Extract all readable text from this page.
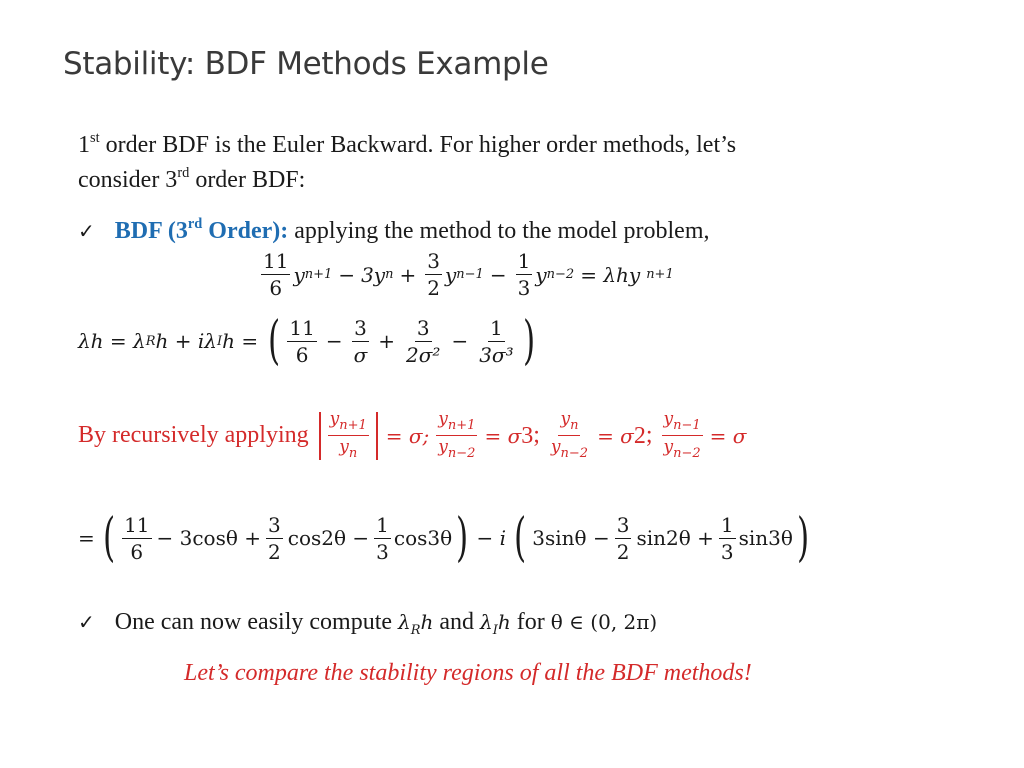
Stability: BDF Methods Example
1st order BDF is the Euler Backward. For higher order methods, let’s
consider 3rd order BDF:
✓ BDF (3rd Order): applying the method to the model problem,
$\frac{11}{6}$ y n+1 − 3y $n + \frac{3}{2}$ y $n-1 - \frac{1}{3}$ y n−2 = λhy n+1
λh = λ R h + iλ I h = ( $\frac{11}{6} - \frac{3}{\sigma} + \frac{3}{\text{2σ²}} - \frac{1}{\text{3σ³}}$ )
By recursively applying $\frac{y_{n+1}}{y_n} = \sigma$; $\frac{y_{n+1}}{y_{n-2}} = \sigma$ 3 ; $\frac{y_n}{y_{n-2}} = \sigma$ 2 ; $\frac{y_{n-1}}{y_{n-2}} = \sigma$
= ( $\frac{11}{6} - 3\cos\theta + \frac{3}{2} \cos 2\theta - \frac{1}{3} \cos 3\theta$ ) − i ( $3\sin\theta - \frac{3}{2} \sin 2\theta + \frac{1}{3} \sin 3\theta$ )
✓ One can now easily compute $\lambda_Rh$ and $\lambda_Ih$ for θ ∈ (0, 2π)
Let’s compare the stability regions of all the BDF methods!
